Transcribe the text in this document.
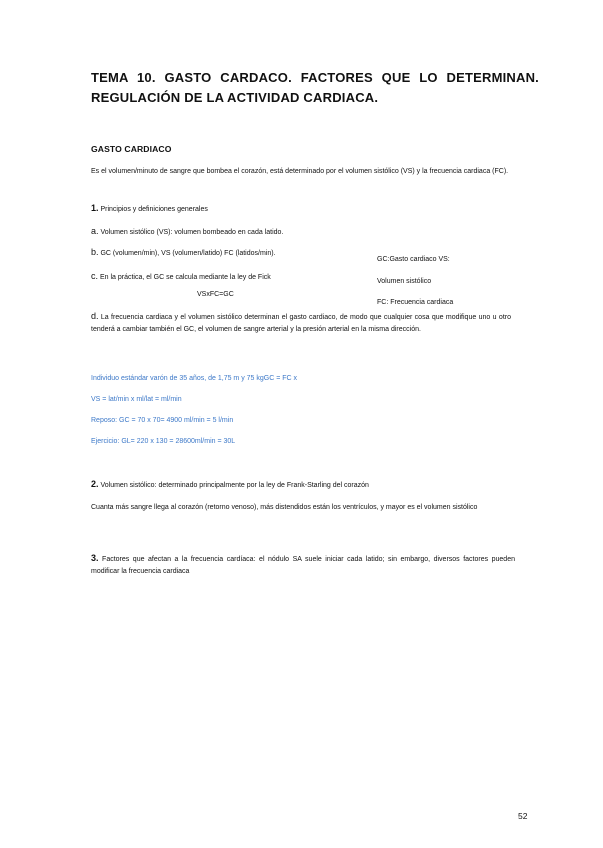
TEMA 10. GASTO CARDACO. FACTORES QUE LO DETERMINAN. REGULACIÓN DE LA ACTIVIDAD CARDIACA.
GASTO CARDIACO
Es el volumen/minuto de sangre que bombea el corazón, está determinado por el volumen sistólico (VS) y la frecuencia cardiaca (FC).
1. Principios y definiciones generales
a. Volumen sistólico (VS): volumen bombeado en cada latido.
b. GC (volumen/min), VS (volumen/latido) FC (latidos/min).
c. En la práctica, el GC se calcula mediante la ley de Fick
VSxFC=GC
GC:Gasto cardiaco VS:
Volumen sistólico
FC: Frecuencia cardiaca
d. La frecuencia cardiaca y el volumen sistólico determinan el gasto cardiaco, de modo que cualquier cosa que modifique uno u otro tenderá a cambiar también el GC, el volumen de sangre arterial y la presión arterial en la misma dirección.
Individuo estándar varón de 35 años, de 1,75 m y 75 kgGC = FC x
VS = lat/min x ml/lat = ml/min
Reposo: GC = 70 x 70= 4900 ml/min = 5 l/min
Ejercicio: GL= 220 x 130 = 28600ml/min = 30L
2. Volumen sistólico: determinado principalmente por la ley de Frank-Starling del corazón
Cuanta más sangre llega al corazón (retorno venoso), más distendidos están los ventrículos, y mayor es el volumen sistólico
3. Factores que afectan a la frecuencia cardíaca: el nódulo SA suele iniciar cada latido; sin embargo, diversos factores pueden modificar la frecuencia cardiaca
52
